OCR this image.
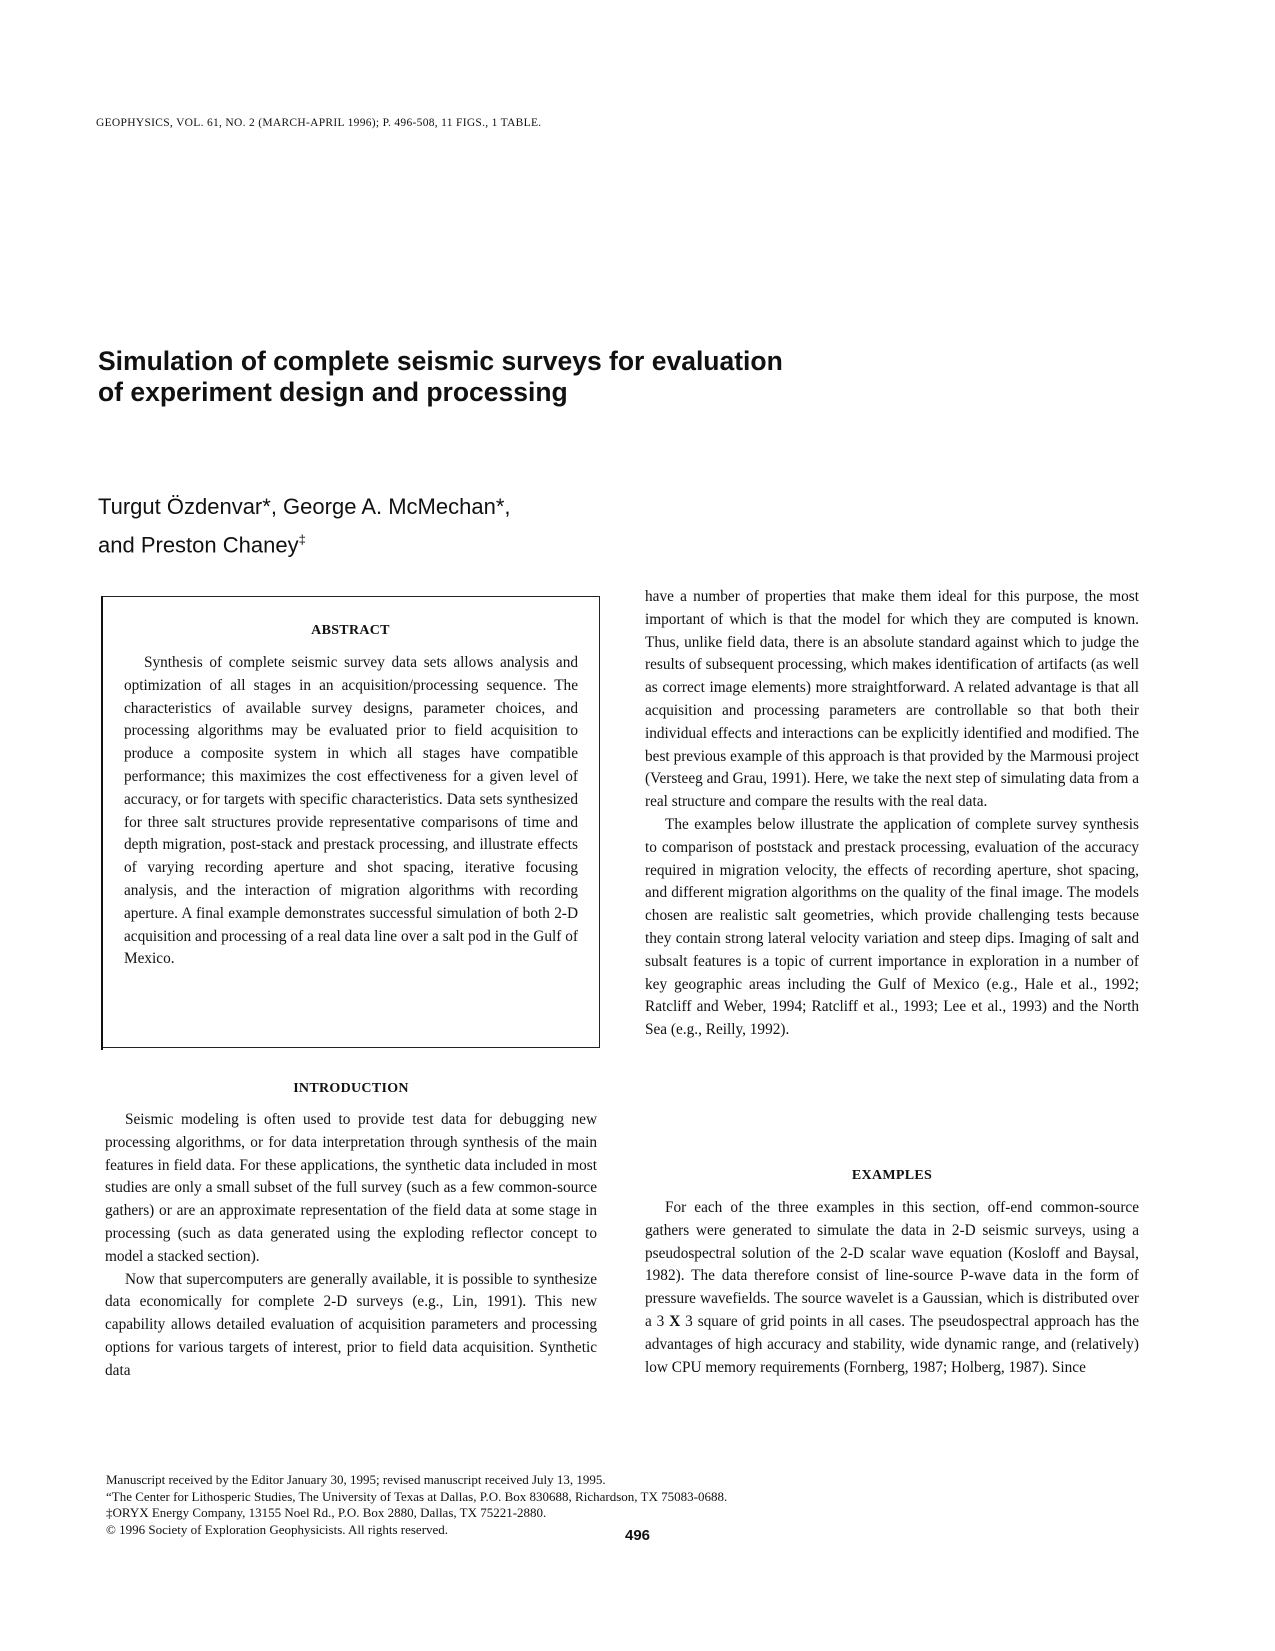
GEOPHYSICS, VOL. 61, NO. 2 (MARCH-APRIL 1996); P. 496-508, 11 FIGS., 1 TABLE.
Simulation of complete seismic surveys for evaluation
of experiment design and processing
Turgut Özdenvar*, George A. McMechan*,
and Preston Chaney‡
ABSTRACT

Synthesis of complete seismic survey data sets allows analysis and optimization of all stages in an acquisition/processing sequence. The characteristics of available survey designs, parameter choices, and processing algorithms may be evaluated prior to field acquisition to produce a composite system in which all stages have compatible performance; this maximizes the cost effectiveness for a given level of accuracy, or for targets with specific characteristics. Data sets synthesized for three salt structures provide representative comparisons of time and depth migration, post-stack and prestack processing, and illustrate effects of varying recording aperture and shot spacing, iterative focusing analysis, and the interaction of migration algorithms with recording aperture. A final example demonstrates successful simulation of both 2-D acquisition and processing of a real data line over a salt pod in the Gulf of Mexico.

INTRODUCTION

Seismic modeling is often used to provide test data for debugging new processing algorithms, or for data interpretation through synthesis of the main features in field data. For these applications, the synthetic data included in most studies are only a small subset of the full survey (such as a few common-source gathers) or are an approximate representation of the field data at some stage in processing (such as data generated using the exploding reflector concept to model a stacked section).

Now that supercomputers are generally available, it is possible to synthesize data economically for complete 2-D surveys (e.g., Lin, 1991). This new capability allows detailed evaluation of acquisition parameters and processing options for various targets of interest, prior to field data acquisition. Synthetic data

have a number of properties that make them ideal for this purpose, the most important of which is that the model for which they are computed is known. Thus, unlike field data, there is an absolute standard against which to judge the results of subsequent processing, which makes identification of artifacts (as well as correct image elements) more straightforward. A related advantage is that all acquisition and processing parameters are controllable so that both their individual effects and interactions can be explicitly identified and modified. The best previous example of this approach is that provided by the Marmousi project (Versteeg and Grau, 1991). Here, we take the next step of simulating data from a real structure and compare the results with the real data.

The examples below illustrate the application of complete survey synthesis to comparison of poststack and prestack processing, evaluation of the accuracy required in migration velocity, the effects of recording aperture, shot spacing, and different migration algorithms on the quality of the final image. The models chosen are realistic salt geometries, which provide challenging tests because they contain strong lateral velocity variation and steep dips. Imaging of salt and subsalt features is a topic of current importance in exploration in a number of key geographic areas including the Gulf of Mexico (e.g., Hale et al., 1992; Ratcliff and Weber, 1994; Ratcliff et al., 1993; Lee et al., 1993) and the North Sea (e.g., Reilly, 1992).

EXAMPLES

For each of the three examples in this section, off-end common-source gathers were generated to simulate the data in 2-D seismic surveys, using a pseudospectral solution of the 2-D scalar wave equation (Kosloff and Baysal, 1982). The data therefore consist of line-source P-wave data in the form of pressure wavefields. The source wavelet is a Gaussian, which is distributed over a 3 X 3 square of grid points in all cases. The pseudospectral approach has the advantages of high accuracy and stability, wide dynamic range, and (relatively) low CPU memory requirements (Fornberg, 1987; Holberg, 1987). Since

Manuscript received by the Editor January 30, 1995; revised manuscript received July 13, 1995.
“The Center for Lithosperic Studies, The University of Texas at Dallas, P.O. Box 830688, Richardson, TX 75083-0688.
‡ORYX Energy Company, 13155 Noel Rd., P.O. Box 2880, Dallas, TX 75221-2880.
© 1996 Society of Exploration Geophysicists. All rights reserved.	496
